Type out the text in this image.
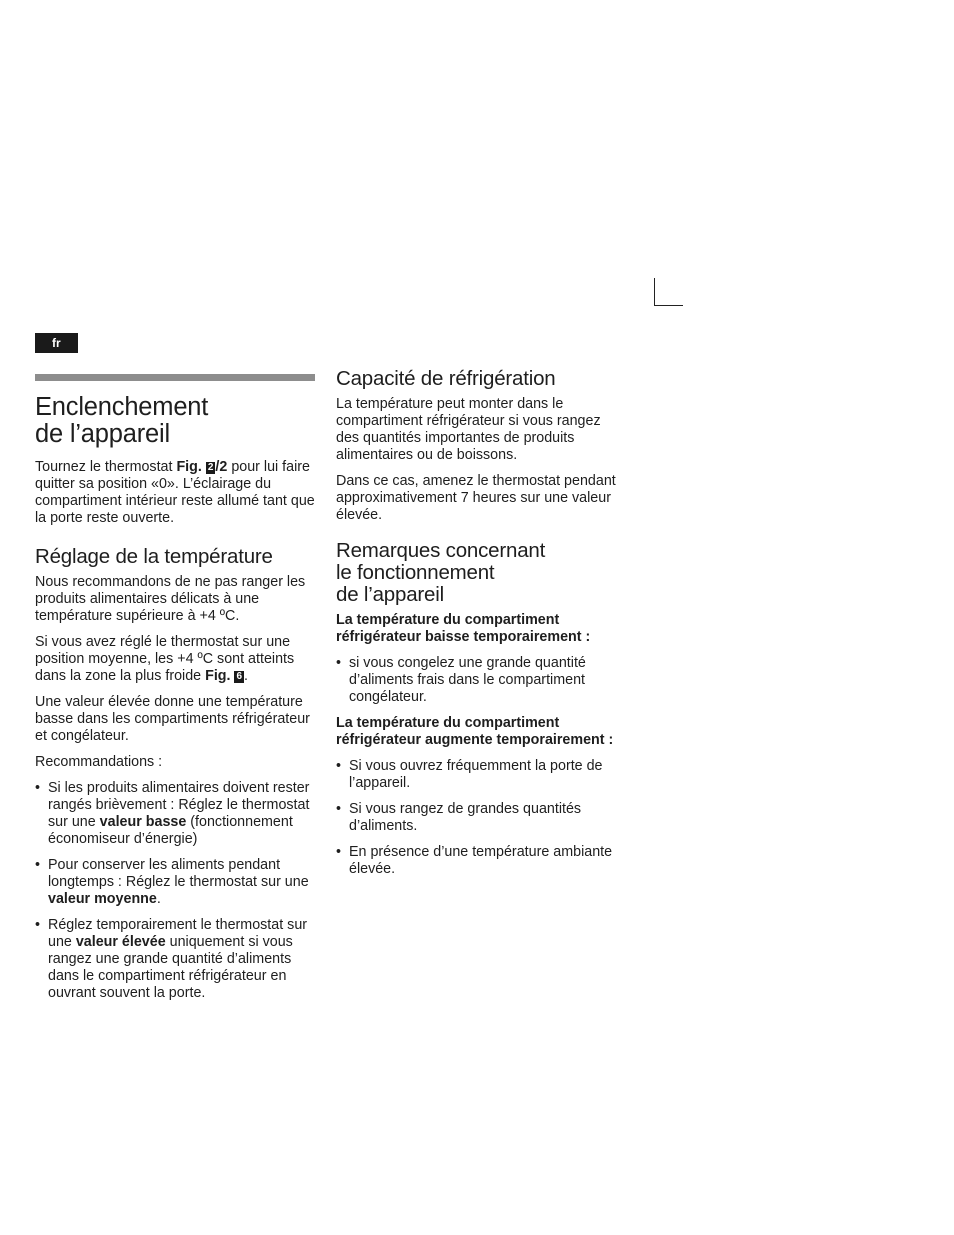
fr
Enclenchement
de l’appareil

Tournez le thermostat Fig. 2 /2 pour lui faire quitter sa position «0». L’éclairage du compartiment intérieur reste allumé tant que la porte reste ouverte.

Réglage de la température

Nous recommandons de ne pas ranger les produits alimentaires délicats à une température supérieure à +4 ºC.

Si vous avez réglé le thermostat sur une position moyenne, les +4 ºC sont atteints dans la zone la plus froide Fig. 6 .

Une valeur élevée donne une température basse dans les compartiments réfrigérateur et congélateur.

Recommandations :

• Si les produits alimentaires doivent rester rangés brièvement : Réglez le thermostat sur une valeur basse (fonctionnement économiseur d’énergie)
• Pour conserver les aliments pendant longtemps : Réglez le thermostat sur une valeur moyenne.
• Réglez temporairement le thermostat sur une valeur élevée uniquement si vous rangez une grande quantité d’aliments dans le compartiment réfrigérateur en ouvrant souvent la porte.
Capacité de réfrigération

La température peut monter dans le compartiment réfrigérateur si vous rangez des quantités importantes de produits alimentaires ou de boissons.

Dans ce cas, amenez le thermostat pendant approximativement 7 heures sur une valeur élevée.

Remarques concernant
le fonctionnement
de l’appareil

La température du compartiment réfrigérateur baisse temporairement :

• si vous congelez une grande quantité d’aliments frais dans le compartiment congélateur.

La température du compartiment réfrigérateur augmente temporairement :

• Si vous ouvrez fréquemment la porte de l’appareil.
• Si vous rangez de grandes quantités d’aliments.
• En présence d’une température ambiante élevée.
